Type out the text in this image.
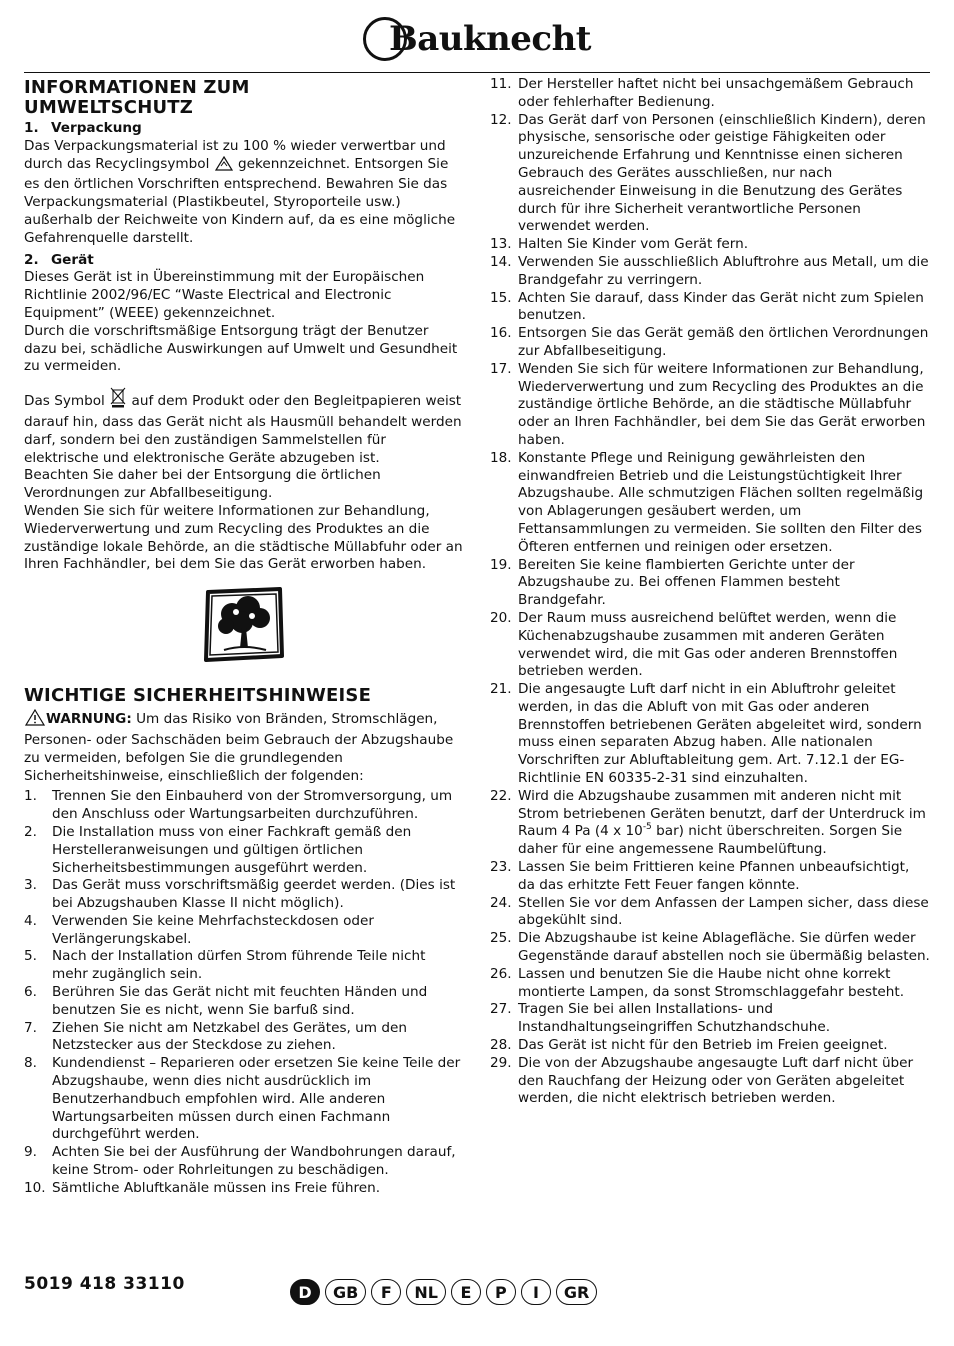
Bauknecht
INFORMATIONEN ZUM
UMWELTSCHUTZ
1. Verpackung

Das Verpackungsmaterial ist zu 100 % wieder verwertbar und durch das Recyclingsymbol gekennzeichnet. Entsorgen Sie es den örtlichen Vorschriften entsprechend. Bewahren Sie das Verpackungsmaterial (Plastikbeutel, Styroporteile usw.) außerhalb der Reichweite von Kindern auf, da es eine mögliche Gefahrenquelle darstellt.

2. Gerät

Dieses Gerät ist in Übereinstimmung mit der Europäischen Richtlinie 2002/96/EC “Waste Electrical and Electronic Equipment” (WEEE) gekennzeichnet.

Durch die vorschriftsmäßige Entsorgung trägt der Benutzer dazu bei, schädliche Auswirkungen auf Umwelt und Gesundheit zu vermeiden.

Das Symbol auf dem Produkt oder den Begleitpapieren weist darauf hin, dass das Gerät nicht als Hausmüll behandelt werden darf, sondern bei den zuständigen Sammelstellen für elektrische und elektronische Geräte abzugeben ist.

Beachten Sie daher bei der Entsorgung die örtlichen Verordnungen zur Abfallbeseitigung.

Wenden Sie sich für weitere Informationen zur Behandlung, Wiederverwertung und zum Recycling des Produktes an die zuständige lokale Behörde, an die städtische Müllabfuhr oder an Ihren Fachhändler, bei dem Sie das Gerät erworben haben.

WICHTIGE SICHERHEITSHINWEISE

WARNUNG: Um das Risiko von Bränden, Stromschlägen, Personen- oder Sachschäden beim Gebrauch der Abzugshaube zu vermeiden, befolgen Sie die grundlegenden Sicherheitshinweise, einschließlich der folgenden:

1.	Trennen Sie den Einbauherd von der Stromversorgung, um den Anschluss oder Wartungsarbeiten durchzuführen.
2.	Die Installation muss von einer Fachkraft gemäß den Herstelleranweisungen und gültigen örtlichen Sicherheitsbestimmungen ausgeführt werden.
3.	Das Gerät muss vorschriftsmäßig geerdet werden. (Dies ist bei Abzugshauben Klasse II nicht möglich).
4.	Verwenden Sie keine Mehrfachsteckdosen oder Verlängerungskabel.
5.	Nach der Installation dürfen Strom führende Teile nicht mehr zugänglich sein.
6.	Berühren Sie das Gerät nicht mit feuchten Händen und benutzen Sie es nicht, wenn Sie barfuß sind.
7.	Ziehen Sie nicht am Netzkabel des Gerätes, um den Netzstecker aus der Steckdose zu ziehen.
8.	Kundendienst – Reparieren oder ersetzen Sie keine Teile der Abzugshaube, wenn dies nicht ausdrücklich im Benutzerhandbuch empfohlen wird. Alle anderen Wartungsarbeiten müssen durch einen Fachmann durchgeführt werden.
9.	Achten Sie bei der Ausführung der Wandbohrungen darauf, keine Strom- oder Rohrleitungen zu beschädigen.
10. Sämtliche Abluftkanäle müssen ins Freie führen.
11. Der Hersteller haftet nicht bei unsachgemäßem Gebrauch oder fehlerhafter Bedienung.
12. Das Gerät darf von Personen (einschließlich Kindern), deren physische, sensorische oder geistige Fähigkeiten oder unzureichende Erfahrung und Kenntnisse einen sicheren Gebrauch des Gerätes ausschließen, nur nach ausreichender Einweisung in die Benutzung des Gerätes durch für ihre Sicherheit verantwortliche Personen verwendet werden.
13. Halten Sie Kinder vom Gerät fern.
14. Verwenden Sie ausschließlich Abluftrohre aus Metall, um die Brandgefahr zu verringern.
15. Achten Sie darauf, dass Kinder das Gerät nicht zum Spielen benutzen.
16. Entsorgen Sie das Gerät gemäß den örtlichen Verordnungen zur Abfallbeseitigung.
17. Wenden Sie sich für weitere Informationen zur Behandlung, Wiederverwertung und zum Recycling des Produktes an die zuständige örtliche Behörde, an die städtische Müllabfuhr oder an Ihren Fachhändler, bei dem Sie das Gerät erworben haben.
18. Konstante Pflege und Reinigung gewährleisten den einwandfreien Betrieb und die Leistungstüchtigkeit Ihrer Abzugshaube. Alle schmutzigen Flächen sollten regelmäßig von Ablagerungen gesäubert werden, um Fettansammlungen zu vermeiden. Sie sollten den Filter des Öfteren entfernen und reinigen oder ersetzen.
19. Bereiten Sie keine flambierten Gerichte unter der Abzugshaube zu. Bei offenen Flammen besteht Brandgefahr.
20. Der Raum muss ausreichend belüftet werden, wenn die Küchenabzugshaube zusammen mit anderen Geräten verwendet wird, die mit Gas oder anderen Brennstoffen betrieben werden.
21. Die angesaugte Luft darf nicht in ein Abluftrohr geleitet werden, in das die Abluft von mit Gas oder anderen Brennstoffen betriebenen Geräten abgeleitet wird, sondern muss einen separaten Abzug haben. Alle nationalen Vorschriften zur Abluftableitung gem. Art. 7.12.1 der EG-Richtlinie EN 60335-2-31 sind einzuhalten.
22. Wird die Abzugshaube zusammen mit anderen nicht mit Strom betriebenen Geräten benutzt, darf der Unterdruck im Raum 4 Pa (4 x $10^{-5}$ bar) nicht überschreiten. Sorgen Sie daher für eine angemessene Raumbelüftung.
23. Lassen Sie beim Frittieren keine Pfannen unbeaufsichtigt, da das erhitzte Fett Feuer fangen könnte.
24. Stellen Sie vor dem Anfassen der Lampen sicher, dass diese abgekühlt sind.
25. Die Abzugshaube ist keine Ablagefläche. Sie dürfen weder Gegenstände darauf abstellen noch sie übermäßig belasten.
26. Lassen und benutzen Sie die Haube nicht ohne korrekt montierte Lampen, da sonst Stromschlaggefahr besteht.
27. Tragen Sie bei allen Installations- und Instandhaltungseingriffen Schutzhandschuhe.
28. Das Gerät ist nicht für den Betrieb im Freien geeignet.
29. Die von der Abzugshaube angesaugte Luft darf nicht über den Rauchfang der Heizung oder von Geräten abgeleitet werden, die nicht elektrisch betrieben werden.
5019 418 33110	D	GB	F	NL	E	P	I	GR
